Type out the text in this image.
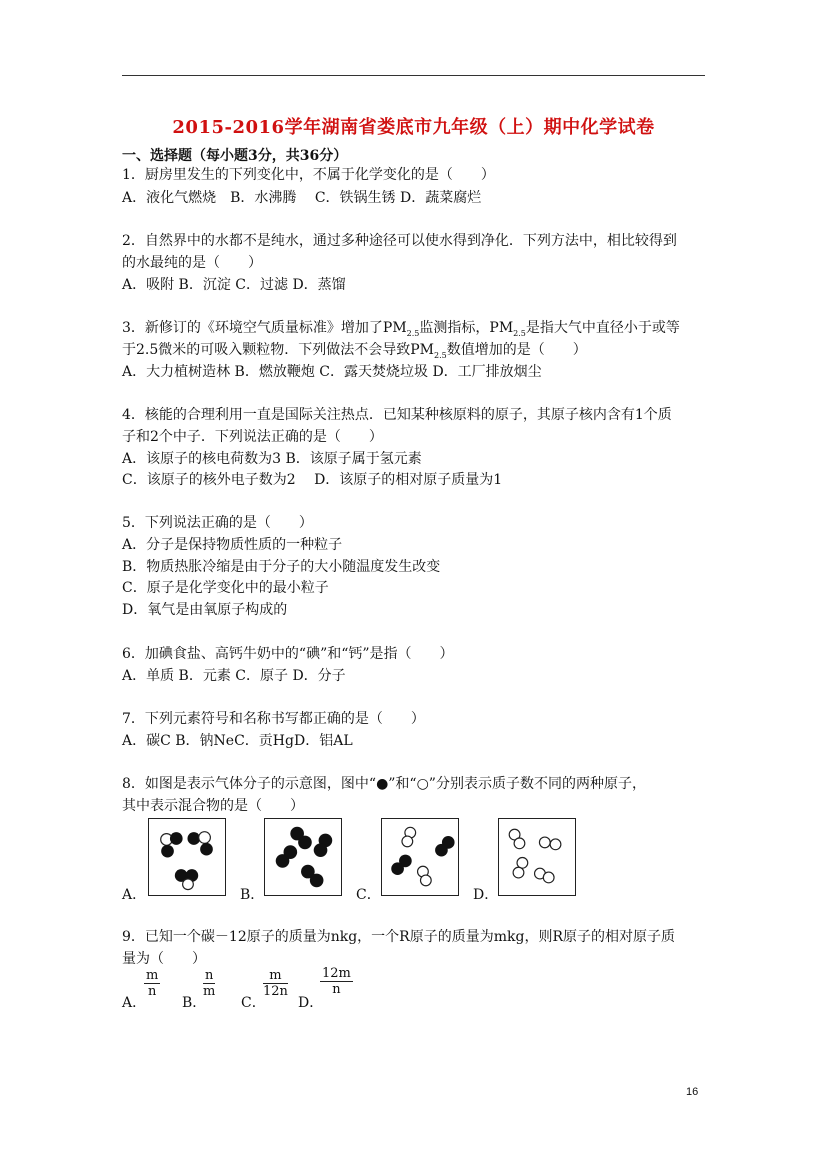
2015-2016学年湖南省娄底市九年级（上）期中化学试卷
一、选择题（每小题3分，共36分）
1．厨房里发生的下列变化中，不属于化学变化的是（　　）
A．液化气燃烧　B．水沸腾　 C．铁锅生锈 D．蔬菜腐烂
2．自然界中的水都不是纯水，通过多种途径可以使水得到净化．下列方法中，相比较得到
的水最纯的是（　　）
A．吸附 B．沉淀 C．过滤 D．蒸馏
3．新修订的《环境空气质量标准》增加了$PM_{2.5}$监测指标，$PM_{2.5}$是指大气中直径小于或等
于2.5微米的可吸入颗粒物．下列做法不会导致$PM_{2.5}$数值增加的是（　　）
A．大力植树造林 B．燃放鞭炮 C．露天焚烧垃圾 D．工厂排放烟尘
4．核能的合理利用一直是国际关注热点．已知某种核原料的原子，其原子核内含有1个质
子和2个中子．下列说法正确的是（　　）
A．该原子的核电荷数为3 B．该原子属于氢元素
C．该原子的核外电子数为2　 D．该原子的相对原子质量为1
5．下列说法正确的是（　　）
A．分子是保持物质性质的一种粒子
B．物质热胀冷缩是由于分子的大小随温度发生改变
C．原子是化学变化中的最小粒子
D．氧气是由氧原子构成的
6．加碘食盐、高钙牛奶中的“碘”和“钙”是指（　　）
A．单质 B．元素 C．原子 D．分子
7．下列元素符号和名称书写都正确的是（　　）
A．碳C B．钠NeC．贡HgD．铝AL
8．如图是表示气体分子的示意图，图中“●”和“○”分别表示质子数不同的两种原子，
其中表示混合物的是（　　）
A．	B．	C．	D．
9．已知一个碳－12原子的质量为nkg，一个R原子的质量为mkg，则R原子的相对原子质
量为（　　）
A．
$\frac{m}{n}$
B．
$\frac{n}{m}$
C．
$\frac{m}{12n}$
D．
$\frac{12m}{n}$
16
